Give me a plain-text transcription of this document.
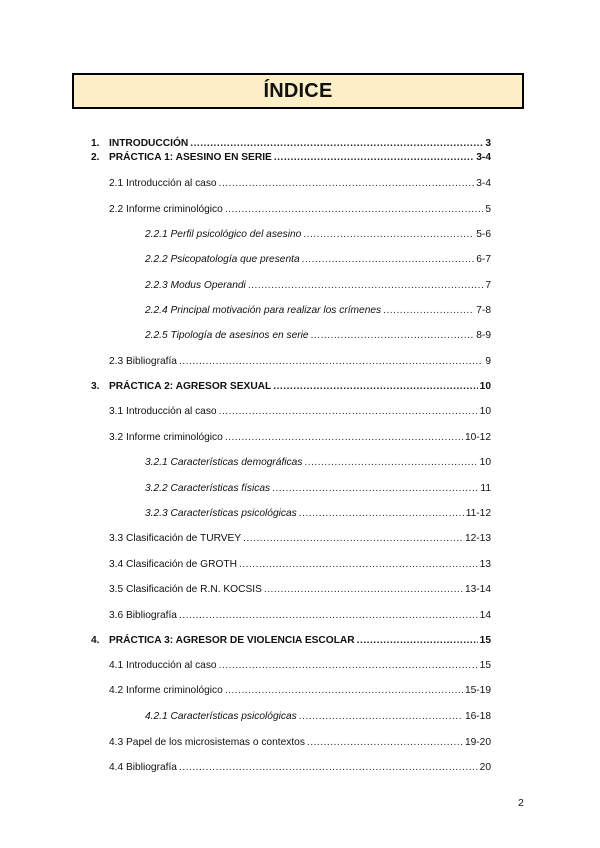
ÍNDICE
1. INTRODUCCIÓN .....	3
2. PRÁCTICA 1: ASESINO EN SERIE .....	3-4
2.1 Introducción al caso .....	3-4
2.2 Informe criminológico .....	5
2.2.1 Perfil psicológico del asesino .....	5-6
2.2.2 Psicopatología que presenta .....	6-7
2.2.3 Modus Operandi .....	7
2.2.4 Principal motivación para realizar los crímenes .....	7-8
2.2.5 Tipología de asesinos en serie .....	8-9
2.3 Bibliografía .....	9
3. PRÁCTICA 2: AGRESOR SEXUAL .....	10
3.1 Introducción al caso .....	10
3.2 Informe criminológico .....	10-12
3.2.1 Características demográficas .....	10
3.2.2 Características físicas .....	11
3.2.3 Características psicológicas .....	11-12
3.3 Clasificación de TURVEY .....	12-13
3.4 Clasificación de GROTH .....	13
3.5 Clasificación de R.N. KOCSIS .....	13-14
3.6 Bibliografía .....	14
4. PRÁCTICA 3: AGRESOR DE VIOLENCIA ESCOLAR .....	15
4.1 Introducción al caso .....	15
4.2 Informe criminológico .....	15-19
4.2.1 Características psicológicas .....	16-18
4.3 Papel de los microsistemas o contextos .....	19-20
4.4 Bibliografía .....	20
2
